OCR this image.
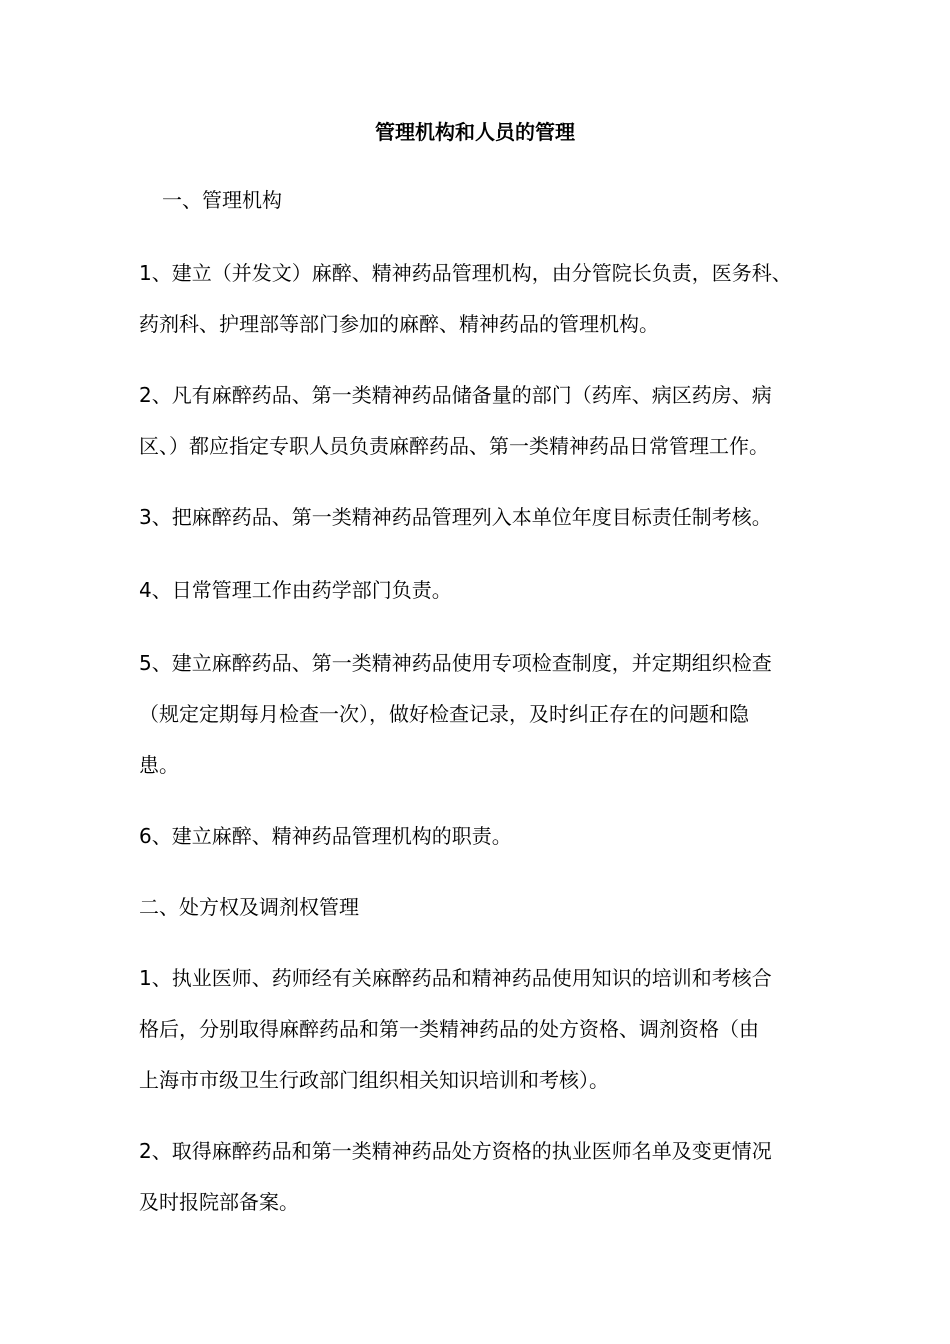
管理机构和人员的管理
一、管理机构
1、建立（并发文）麻醉、精神药品管理机构，由分管院长负责，医务科、
药剂科、护理部等部门参加的麻醉、精神药品的管理机构。
2、凡有麻醉药品、第一类精神药品储备量的部门（药库、病区药房、病
区、）都应指定专职人员负责麻醉药品、第一类精神药品日常管理工作。
3、把麻醉药品、第一类精神药品管理列入本单位年度目标责任制考核。
4、日常管理工作由药学部门负责。
5、建立麻醉药品、第一类精神药品使用专项检查制度，并定期组织检查
（规定定期每月检查一次），做好检查记录，及时纠正存在的问题和隐
患。
6、建立麻醉、精神药品管理机构的职责。
二、处方权及调剂权管理
1、执业医师、药师经有关麻醉药品和精神药品使用知识的培训和考核合
格后，分别取得麻醉药品和第一类精神药品的处方资格、调剂资格（由
上海市市级卫生行政部门组织相关知识培训和考核）。
2、取得麻醉药品和第一类精神药品处方资格的执业医师名单及变更情况
及时报院部备案。
